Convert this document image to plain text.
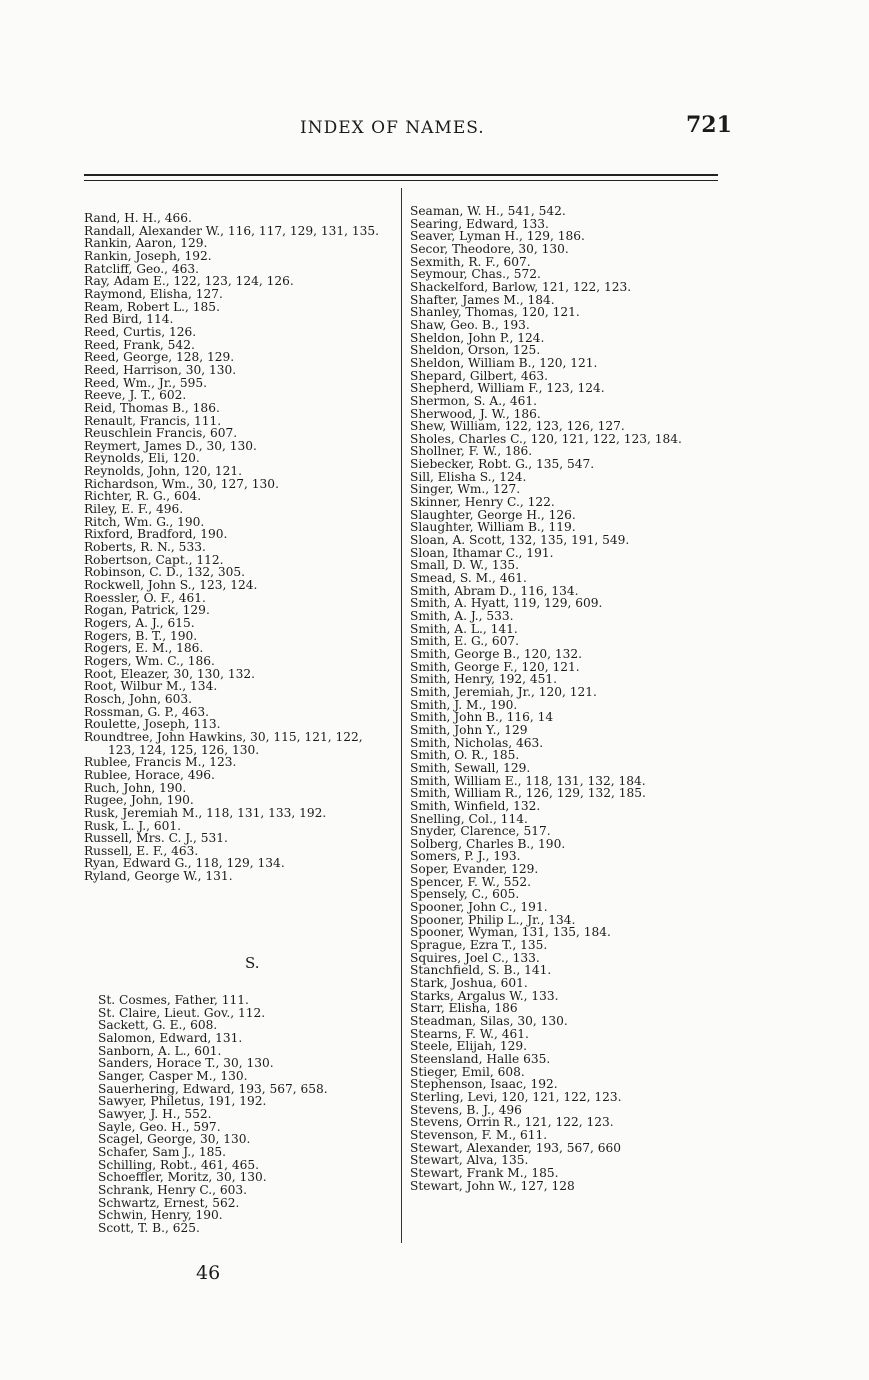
INDEX OF NAMES.	721
Rand, H. H., 466.
Randall, Alexander W., 116, 117, 129, 131, 135.
Rankin, Aaron, 129.
Rankin, Joseph, 192.
Ratcliff, Geo., 463.
Ray, Adam E., 122, 123, 124, 126.
Raymond, Elisha, 127.
Ream, Robert L., 185.
Red Bird, 114.
Reed, Curtis, 126.
Reed, Frank, 542.
Reed, George, 128, 129.
Reed, Harrison, 30, 130.
Reed, Wm., Jr., 595.
Reeve, J. T., 602.
Reid, Thomas B., 186.
Renault, Francis, 111.
Reuschlein Francis, 607.
Reymert, James D., 30, 130.
Reynolds, Eli, 120.
Reynolds, John, 120, 121.
Richardson, Wm., 30, 127, 130.
Richter, R. G., 604.
Riley, E. F., 496.
Ritch, Wm. G., 190.
Rixford, Bradford, 190.
Roberts, R. N., 533.
Robertson, Capt., 112.
Robinson, C. D., 132, 305.
Rockwell, John S., 123, 124.
Roessler, O. F., 461.
Rogan, Patrick, 129.
Rogers, A. J., 615.
Rogers, B. T., 190.
Rogers, E. M., 186.
Rogers, Wm. C., 186.
Root, Eleazer, 30, 130, 132.
Root, Wilbur M., 134.
Rosch, John, 603.
Rossman, G. P., 463.
Roulette, Joseph, 113.
Roundtree, John Hawkins, 30, 115, 121, 122,
123, 124, 125, 126, 130.
Rublee, Francis M., 123.
Rublee, Horace, 496.
Ruch, John, 190.
Rugee, John, 190.
Rusk, Jeremiah M., 118, 131, 133, 192.
Rusk, L. J., 601.
Russell, Mrs. C. J., 531.
Russell, E. F., 463.
Ryan, Edward G., 118, 129, 134.
Ryland, George W., 131.
S.
St. Cosmes, Father, 111.
St. Claire, Lieut. Gov., 112.
Sackett, G. E., 608.
Salomon, Edward, 131.
Sanborn, A. L., 601.
Sanders, Horace T., 30, 130.
Sanger, Casper M., 130.
Sauerhering, Edward, 193, 567, 658.
Sawyer, Philetus, 191, 192.
Sawyer, J. H., 552.
Sayle, Geo. H., 597.
Scagel, George, 30, 130.
Schafer, Sam J., 185.
Schilling, Robt., 461, 465.
Schoeffler, Moritz, 30, 130.
Schrank, Henry C., 603.
Schwartz, Ernest, 562.
Schwin, Henry, 190.
Scott, T. B., 625.
Seaman, W. H., 541, 542.
Searing, Edward, 133.
Seaver, Lyman H., 129, 186.
Secor, Theodore, 30, 130.
Sexmith, R. F., 607.
Seymour, Chas., 572.
Shackelford, Barlow, 121, 122, 123.
Shafter, James M., 184.
Shanley, Thomas, 120, 121.
Shaw, Geo. B., 193.
Sheldon, John P., 124.
Sheldon, Orson, 125.
Sheldon, William B., 120, 121.
Shepard, Gilbert, 463.
Shepherd, William F., 123, 124.
Shermon, S. A., 461.
Sherwood, J. W., 186.
Shew, William, 122, 123, 126, 127.
Sholes, Charles C., 120, 121, 122, 123, 184.
Shollner, F. W., 186.
Siebecker, Robt. G., 135, 547.
Sill, Elisha S., 124.
Singer, Wm., 127.
Skinner, Henry C., 122.
Slaughter, George H., 126.
Slaughter, William B., 119.
Sloan, A. Scott, 132, 135, 191, 549.
Sloan, Ithamar C., 191.
Small, D. W., 135.
Smead, S. M., 461.
Smith, Abram D., 116, 134.
Smith, A. Hyatt, 119, 129, 609.
Smith, A. J., 533.
Smith, A. L., 141.
Smith, E. G., 607.
Smith, George B., 120, 132.
Smith, George F., 120, 121.
Smith, Henry, 192, 451.
Smith, Jeremiah, Jr., 120, 121.
Smith, J. M., 190.
Smith, John B., 116, 14
Smith, John Y., 129
Smith, Nicholas, 463.
Smith, O. R., 185.
Smith, Sewall, 129.
Smith, William E., 118, 131, 132, 184.
Smith, William R., 126, 129, 132, 185.
Smith, Winfield, 132.
Snelling, Col., 114.
Snyder, Clarence, 517.
Solberg, Charles B., 190.
Somers, P. J., 193.
Soper, Evander, 129.
Spencer, F. W., 552.
Spensely, C., 605.
Spooner, John C., 191.
Spooner, Philip L., Jr., 134.
Spooner, Wyman, 131, 135, 184.
Sprague, Ezra T., 135.
Squires, Joel C., 133.
Stanchfield, S. B., 141.
Stark, Joshua, 601.
Starks, Argalus W., 133.
Starr, Elisha, 186
Steadman, Silas, 30, 130.
Stearns, F. W., 461.
Steele, Elijah, 129.
Steensland, Halle 635.
Stieger, Emil, 608.
Stephenson, Isaac, 192.
Sterling, Levi, 120, 121, 122, 123.
Stevens, B. J., 496
Stevens, Orrin R., 121, 122, 123.
Stevenson, F. M., 611.
Stewart, Alexander, 193, 567, 660
Stewart, Alva, 135.
Stewart, Frank M., 185.
Stewart, John W., 127, 128
46
